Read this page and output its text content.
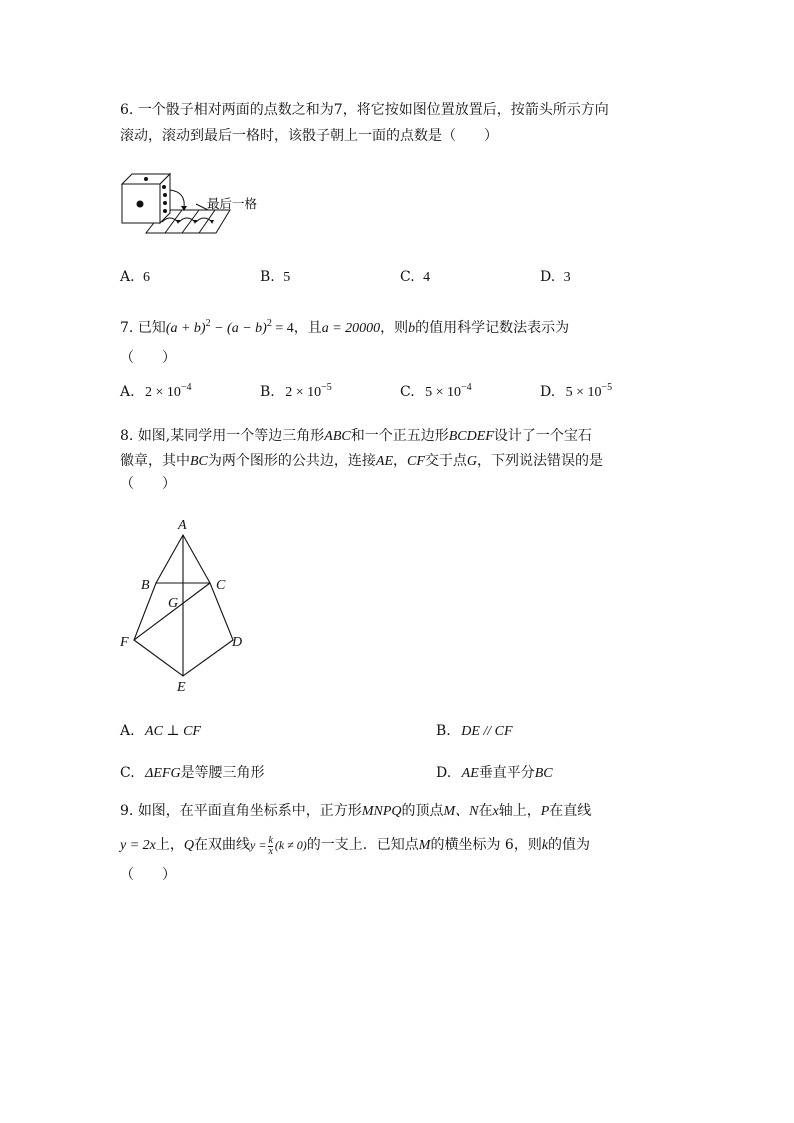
6. 一个骰子相对两面的点数之和为7，将它按如图位置放置后，按箭头所示方向
滚动，滚动到最后一格时，该骰子朝上一面的点数是（　　）
最后一格
A. 6	B. 5	C. 4	D. 3
7. 已知$(a + b)^2 - (a - b)^2 = 4$，且a = 20000，则b的值用科学记数法表示为
（　　）
A. $2 \times 10^{-4}$	B. $2 \times 10^{-5}$	C. $5 \times 10^{-4}$	D. $5 \times 10^{-5}$
8. 如图,某同学用一个等边三角形ABC和一个正五边形BCDEF设计了一个宝石
徽章，其中BC为两个图形的公共边，连接AE，CF交于点G，下列说法错误的是
（　　）
A
B	C
G
F	D
E
A. AC ⊥ CF	B. DE // CF
C. ΔEFG是等腰三角形	D. AE垂直平分BC
9. 如图，在平面直角坐标系中，正方形MNPQ的顶点M、N在x轴上，P在直线
y = 2x上，Q在双曲线$y = \frac{k}{x} (k \ne 0)$的一支上．已知点M的横坐标为 6，则k的值为
（　　）
